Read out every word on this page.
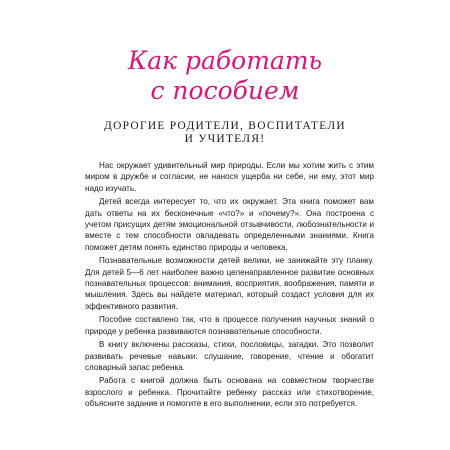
Как работать
с пособием
ДОРОГИЕ РОДИТЕЛИ, ВОСПИТАТЕЛИ
И УЧИТЕЛЯ!

Нас окружает удивительный мир природы. Если мы хотим жить с этим миром в дружбе и согласии, не нанося ущерба ни себе, ни ему, этот мир надо изучать.

Детей всегда интересует то, что их окружает. Эта книга поможет вам дать ответы на их бесконечные «что?» и «почему?». Она построена с учетом присущих детям эмоциональной отзывчивости, любознательности и вместе с тем способности овладевать определенными знаниями. Книга поможет детям понять единство природы и человека.

Познавательные возможности детей велики, не занижайте эту планку. Для детей 5—6 лет наиболее важно целенаправленное развитие основных познавательных процессов: внимания, восприятия, воображения, памяти и мышления. Здесь вы найдете материал, который создаст условия для их эффективного развития.

Пособие составлено так, что в процессе получения научных знаний о природе у ребенка развиваются познавательные способности.

В книгу включены рассказы, стихи, пословицы, загадки. Это позволит развивать речевые навыки: слушание, говорение, чтение и обогатит словарный запас ребенка.

Работа с книгой должна быть основана на совместном творчестве взрослого и ребенка. Прочитайте ребенку рассказ или стихотворение, объясните задание и помогите в его выполнении, если это потребуется.
